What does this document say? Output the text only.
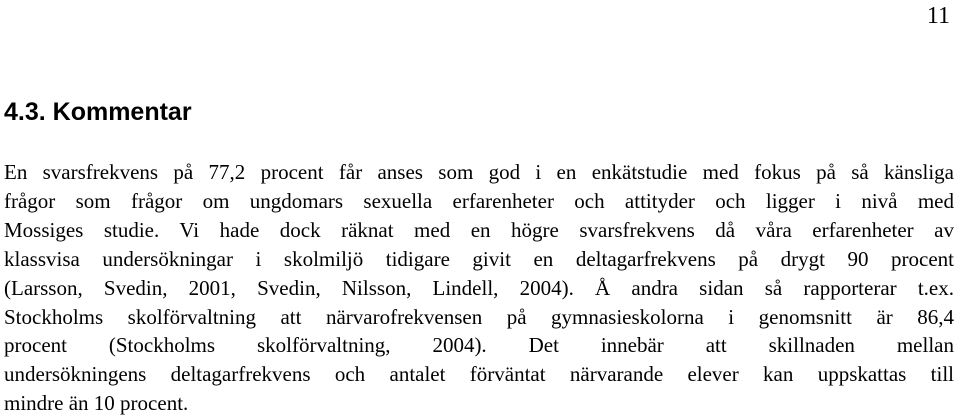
11
4.3. Kommentar

En svarsfrekvens på 77,2 procent får anses som god i en enkätstudie med fokus på så känsliga
frågor som frågor om ungdomars sexuella erfarenheter och attityder och ligger i nivå med
Mossiges studie. Vi hade dock räknat med en högre svarsfrekvens då våra erfarenheter av
klassvisa undersökningar i skolmiljö tidigare givit en deltagarfrekvens på drygt 90 procent
(Larsson, Svedin, 2001, Svedin, Nilsson, Lindell, 2004). Å andra sidan så rapporterar t.ex.
Stockholms skolförvaltning att närvarofrekvensen på gymnasieskolorna i genomsnitt är 86,4
procent (Stockholms skolförvaltning, 2004). Det innebär att skillnaden mellan
undersökningens deltagarfrekvens och antalet förväntat närvarande elever kan uppskattas till
mindre än 10 procent.
